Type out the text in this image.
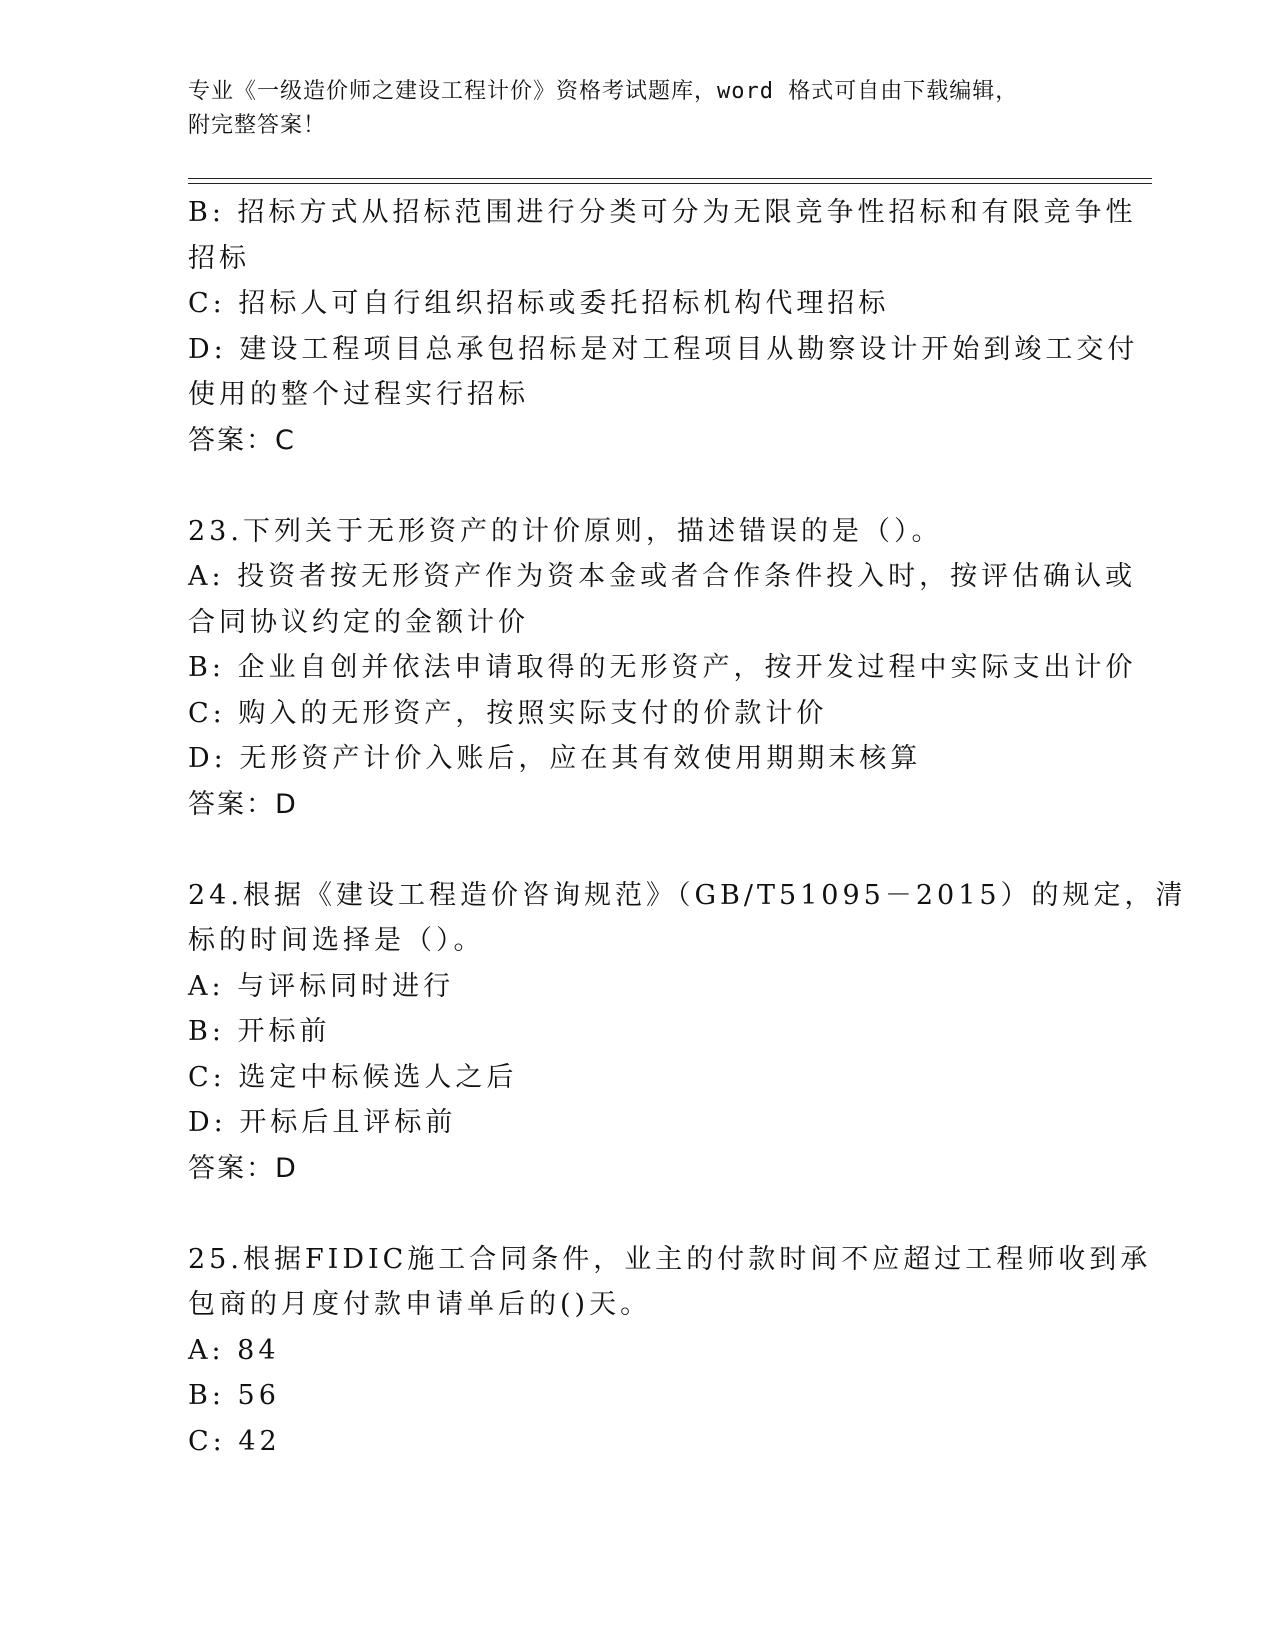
专业《一级造价师之建设工程计价》资格考试题库，word 格式可自由下载编辑，
附完整答案！
B: 招标方式从招标范围进行分类可分为无限竞争性招标和有限竞争性
招标
C: 招标人可自行组织招标或委托招标机构代理招标
D: 建设工程项目总承包招标是对工程项目从勘察设计开始到竣工交付
使用的整个过程实行招标
答案：C
23.下列关于无形资产的计价原则，描述错误的是（）。
A: 投资者按无形资产作为资本金或者合作条件投入时，按评估确认或
合同协议约定的金额计价
B: 企业自创并依法申请取得的无形资产，按开发过程中实际支出计价
C: 购入的无形资产，按照实际支付的价款计价
D: 无形资产计价入账后，应在其有效使用期期末核算
答案：D
24.根据《建设工程造价咨询规范》（GB/T51095－2015）的规定，清
标的时间选择是（）。
A: 与评标同时进行
B: 开标前
C: 选定中标候选人之后
D: 开标后且评标前
答案：D
25.根据FIDIC施工合同条件，业主的付款时间不应超过工程师收到承
包商的月度付款申请单后的()天。
A: 84
B: 56
C: 42
